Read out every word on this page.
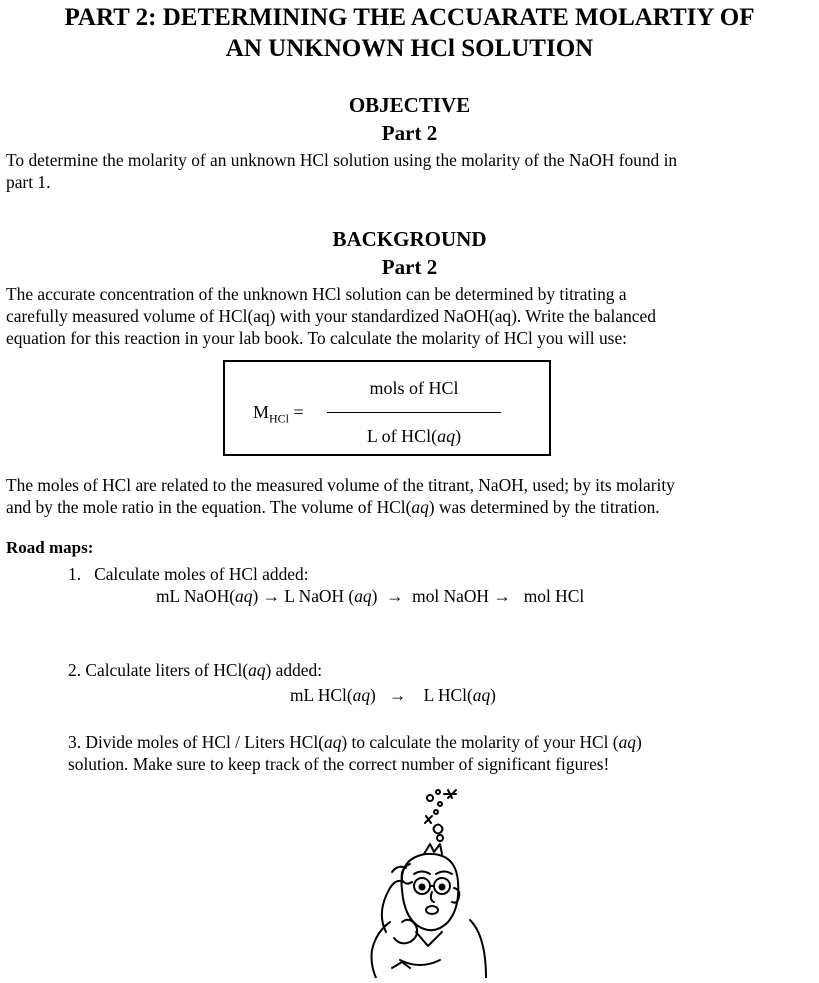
PART 2: DETERMINING THE ACCUARATE MOLARTIY OF
AN UNKNOWN HCl SOLUTION
OBJECTIVE
Part 2

To determine the molarity of an unknown HCl solution using the molarity of the NaOH found in
part 1.

BACKGROUND
Part 2

The accurate concentration of the unknown HCl solution can be determined by titrating a
carefully measured volume of HCl(aq) with your standardized NaOH(aq). Write the balanced
equation for this reaction in your lab book. To calculate the molarity of HCl you will use:

$M_{HCl}$ =
mols of HCl
L of HCl(aq)

The moles of HCl are related to the measured volume of the titrant, NaOH, used; by its molarity
and by the mole ratio in the equation. The volume of HCl(aq) was determined by the titration.

Road maps:

1. Calculate moles of HCl added:
mL NaOH(aq) → L NaOH (aq)  →  mol NaOH →   mol HCl
2. Calculate liters of HCl(aq) added:
mL HCl(aq)   →    L HCl(aq)
3. Divide moles of HCl / Liters HCl(aq) to calculate the molarity of your HCl (aq)
solution. Make sure to keep track of the correct number of significant figures!
